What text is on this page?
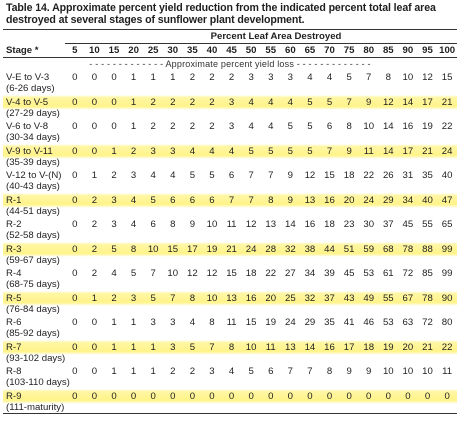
Table 14. Approximate percent yield reduction from the indicated percent total leaf area
destroyed at several stages of sunflower plant development.
	Percent Leaf Area Destroyed																			
Stage *	5	10	15	20	25	30	35	40	45	50	55	60	65	70	75	80	85	90	95	100
- - - - - - - - - - - - - Approximate percent yield loss - - - - - - - - - - - - -																				

V-E to V-3
(6-26 days)	0	0	0	1	1	1	2	2	2	3	3	3	4	4	5	7	8	10	12	15

V-4 to V-5
(27-29 days)	0	0	0	1	2	2	2	2	3	4	4	4	5	5	7	9	12	14	17	21

V-6 to V-8
(30-34 days)	0	0	0	1	2	2	2	2	3	4	4	5	5	6	8	10	14	16	19	22

V-9 to V-11
(35-39 days)	0	0	1	2	3	3	4	4	4	5	5	5	5	7	9	11	14	17	21	24

V-12 to V-(N)
(40-43 days)	0	1	2	3	4	4	5	5	6	7	7	9	12	15	18	22	26	31	35	40

R-1
(44-51 days)	0	2	3	4	5	6	6	6	7	7	8	9	13	16	20	24	29	34	40	47

R-2
(52-58 days)	0	2	3	4	6	8	9	10	11	12	13	14	16	18	23	30	37	45	55	65

R-3
(59-67 days)	0	2	5	8	10	15	17	19	21	24	28	32	38	44	51	59	68	78	88	99

R-4
(68-75 days)	0	2	4	5	7	10	12	12	15	18	22	27	34	39	45	53	61	72	85	99

R-5
(76-84 days)	0	1	2	3	5	7	8	10	13	16	20	25	32	37	43	49	55	67	78	90

R-6
(85-92 days)	0	0	1	1	3	3	4	8	11	15	19	24	29	35	41	46	53	63	72	80

R-7
(93-102 days)	0	0	1	1	1	3	5	7	8	10	11	13	14	16	17	18	19	20	21	22

R-8
(103-110 days)	0	0	1	1	1	2	2	3	4	5	6	7	7	8	9	9	10	10	10	11

R-9
(111-maturity)	0	0	0	0	0	0	0	0	0	0	0	0	0	0	0	0	0	0	0	0
